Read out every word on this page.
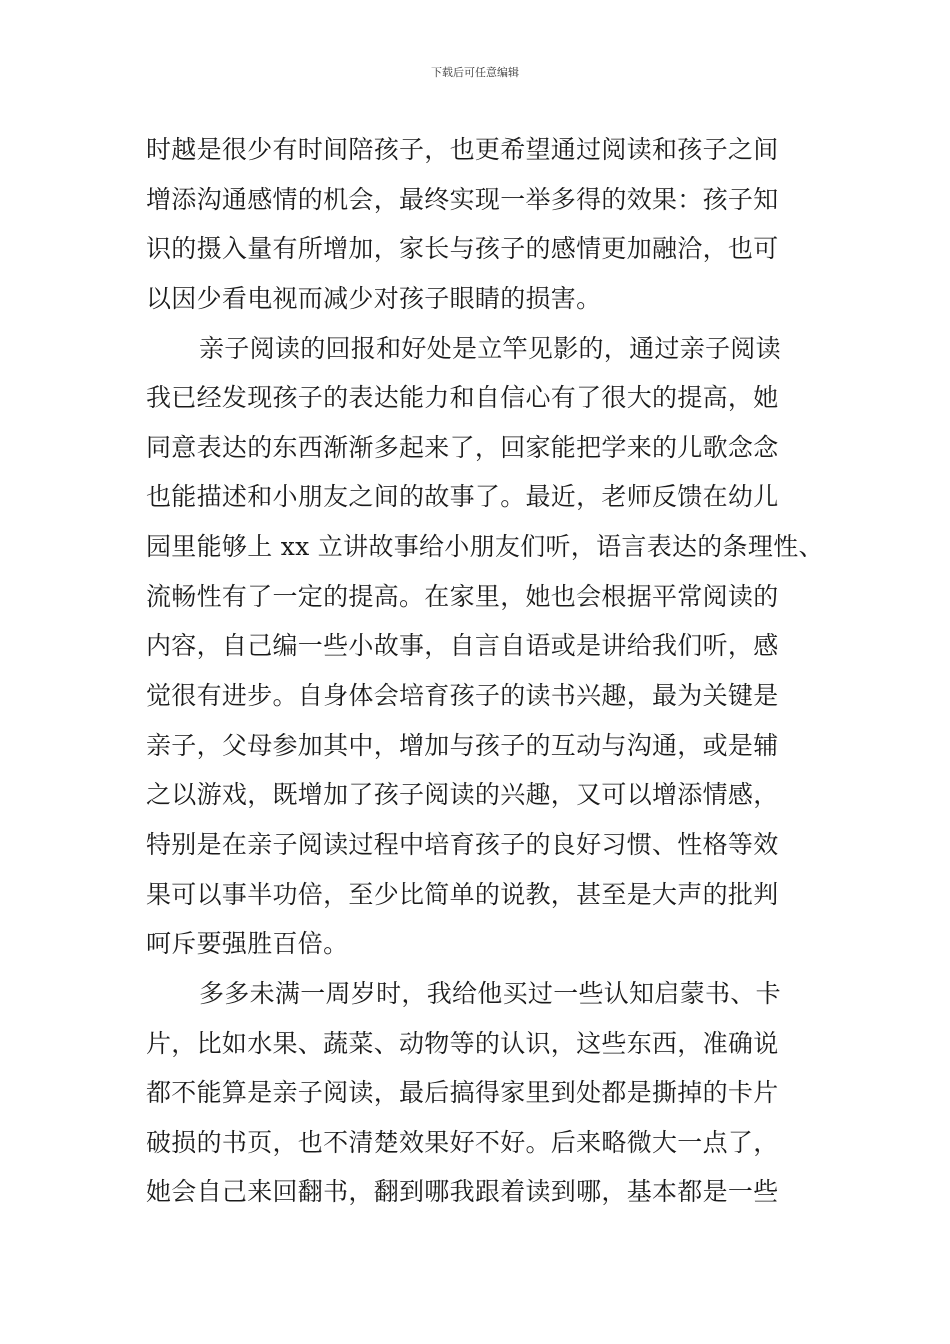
下载后可任意编辑
时越是很少有时间陪孩子，也更希望通过阅读和孩子之间
增添沟通感情的机会，最终实现一举多得的效果：孩子知
识的摄入量有所增加，家长与孩子的感情更加融洽，也可
以因少看电视而减少对孩子眼睛的损害。
亲子阅读的回报和好处是立竿见影的，通过亲子阅读
我已经发现孩子的表达能力和自信心有了很大的提高，她
同意表达的东西渐渐多起来了，回家能把学来的儿歌念念
也能描述和小朋友之间的故事了。最近，老师反馈在幼儿
园里能够上 xx 立讲故事给小朋友们听，语言表达的条理性、
流畅性有了一定的提高。在家里，她也会根据平常阅读的
内容，自己编一些小故事，自言自语或是讲给我们听，感
觉很有进步。自身体会培育孩子的读书兴趣，最为关键是
亲子，父母参加其中，增加与孩子的互动与沟通，或是辅
之以游戏，既增加了孩子阅读的兴趣，又可以增添情感，
特别是在亲子阅读过程中培育孩子的良好习惯、性格等效
果可以事半功倍，至少比简单的说教，甚至是大声的批判
呵斥要强胜百倍。
多多未满一周岁时，我给他买过一些认知启蒙书、卡
片，比如水果、蔬菜、动物等的认识，这些东西，准确说
都不能算是亲子阅读，最后搞得家里到处都是撕掉的卡片
破损的书页，也不清楚效果好不好。后来略微大一点了，
她会自己来回翻书，翻到哪我跟着读到哪，基本都是一些
